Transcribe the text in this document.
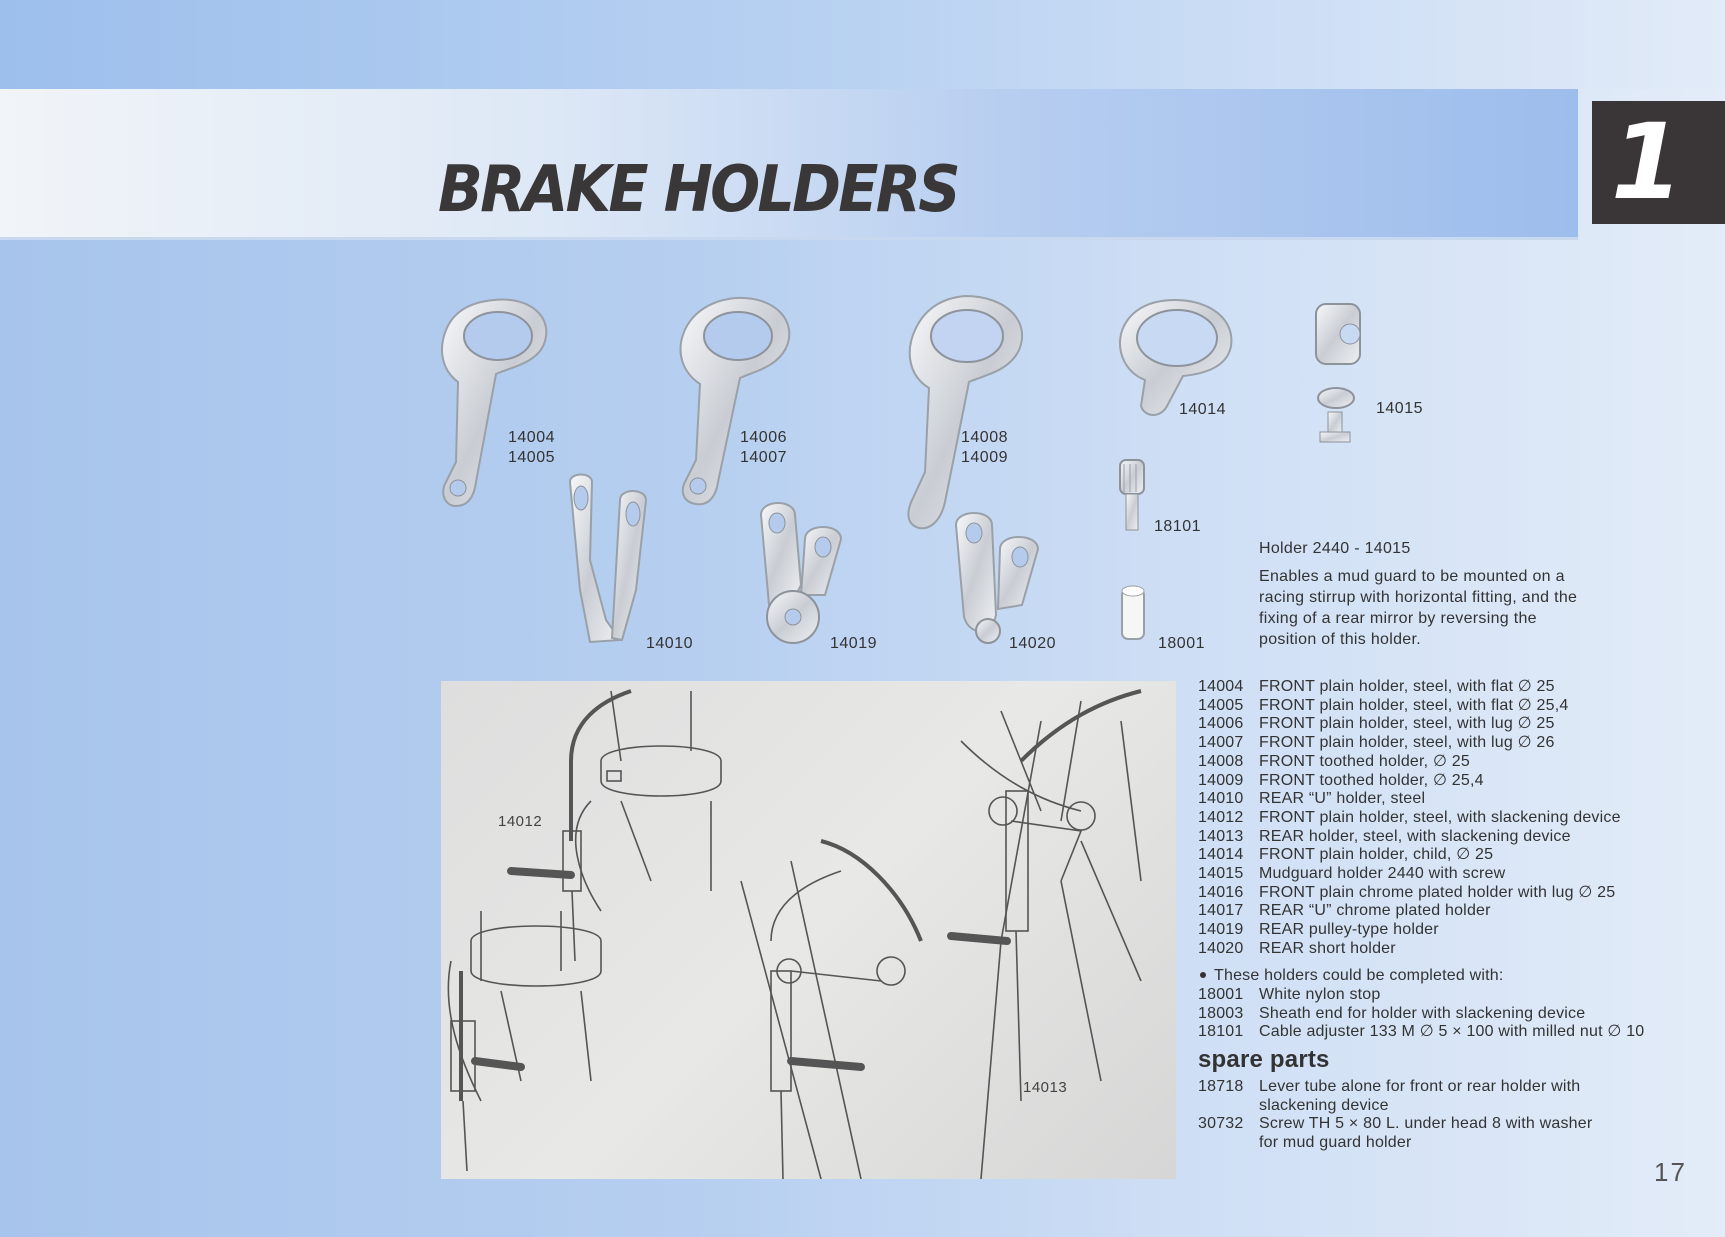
BRAKE HOLDERS	1
14004
14005
14006
14007
14008
14009
14014	14015
18101
14010	14019	14020	18001
14012
14013
Holder 2440 - 14015

Enables a mud guard to be mounted on a racing stirrup with horizontal fitting, and the fixing of a rear mirror by reversing the position of this holder.

14004 FRONT plain holder, steel, with flat ∅ 25
14005 FRONT plain holder, steel, with flat ∅ 25,4
14006 FRONT plain holder, steel, with lug ∅ 25
14007 FRONT plain holder, steel, with lug ∅ 26
14008 FRONT toothed holder, ∅ 25
14009 FRONT toothed holder, ∅ 25,4
14010 REAR “U” holder, steel
14012 FRONT plain holder, steel, with slackening device
14013 REAR holder, steel, with slackening device
14014 FRONT plain holder, child, ∅ 25
14015 Mudguard holder 2440 with screw
14016 FRONT plain chrome plated holder with lug ∅ 25
14017 REAR “U” chrome plated holder
14019 REAR pulley-type holder
14020 REAR short holder
These holders could be completed with:
18001 White nylon stop
18003 Sheath end for holder with slackening device
18101 Cable adjuster 133 M ∅ 5 × 100 with milled nut ∅ 10
spare parts
18718 Lever tube alone for front or rear holder with slackening device
30732 Screw TH 5 × 80 L. under head 8 with washer for mud guard holder
17
